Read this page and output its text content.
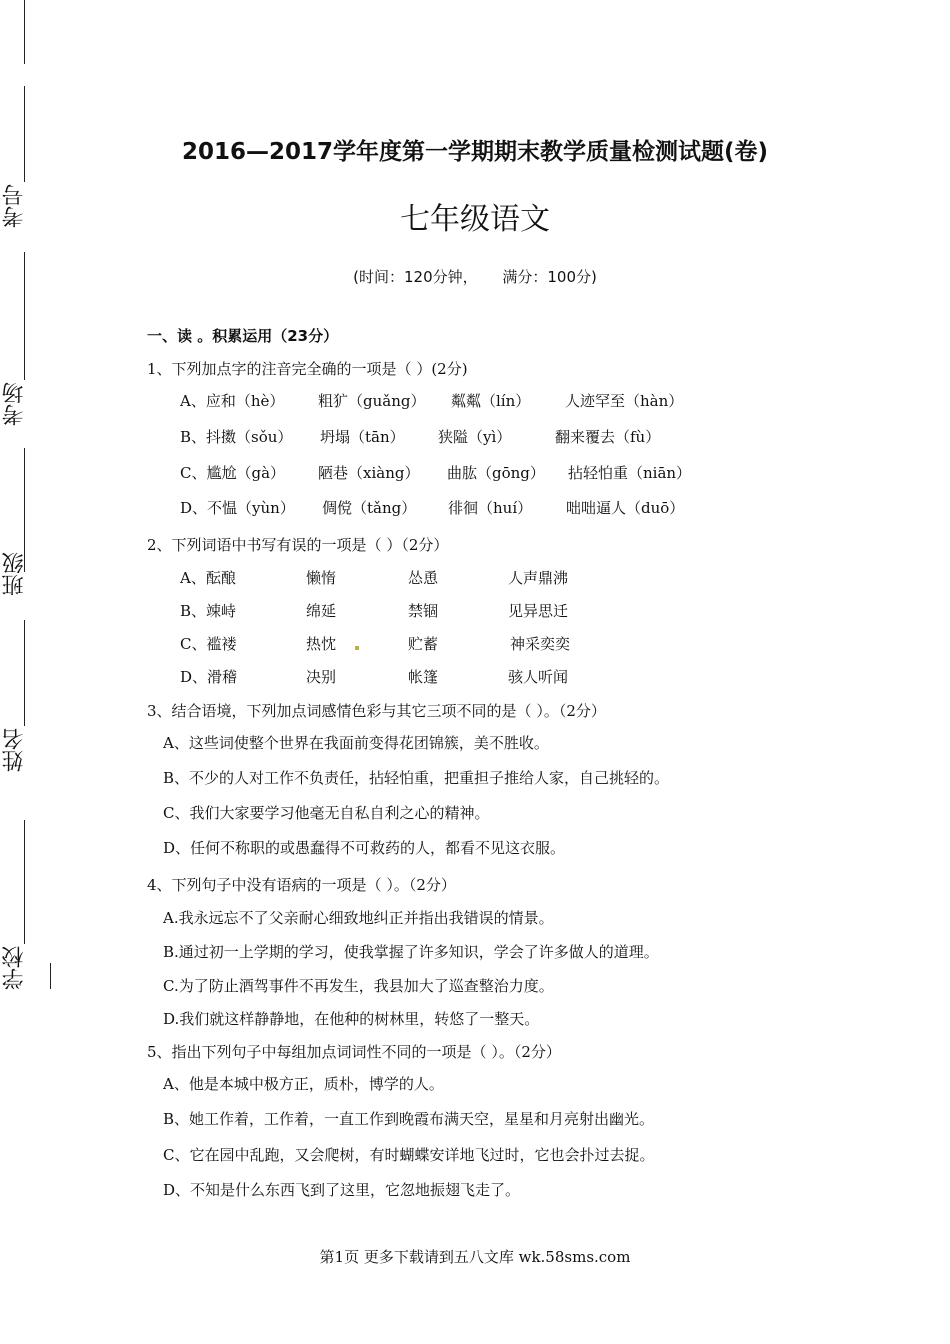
考号
考场
班级
姓名
学校
2016—2017学年度第一学期期末教学质量检测试题(卷)
七年级语文
(时间：120分钟， 满分：100分)
一、读 。积累运用（23分）
1、下列加点字的注音完全确的一项是（ ）(2分)
A、应和（hè） 粗犷（guǎng） 粼粼（lín） 人迹罕至（hàn）
B、抖擞（sǒu） 坍塌（tān） 狭隘（yì）	翻来覆去（fù）
C、尴尬（gà） 陋巷（xiàng） 曲肱（gōng） 拈轻怕重（niān）
D、不愠（yùn） 倜傥（tǎng） 徘徊（huí） 咄咄逼人（duō）
2、下列词语中书写有误的一项是（ ）（2分）
A、酝酿	懒惰	怂恿	人声鼎沸
B、竦峙	绵延	禁锢	见异思迁
C、褴褛	热忱	贮蓄	神采奕奕
D、滑稽	决别	帐篷	骇人听闻
3、结合语境，下列加点词感情色彩与其它三项不同的是（ ）。（2分）
A、这些词使整个世界在我面前变得花团锦簇，美不胜收。
B、不少的人对工作不负责任，拈轻怕重，把重担子推给人家，自己挑轻的。
C、我们大家要学习他毫无自私自利之心的精神。
D、任何不称职的或愚蠢得不可救药的人，都看不见这衣服。
4、下列句子中没有语病的一项是（ ）。（2分）
A.我永远忘不了父亲耐心细致地纠正并指出我错误的情景。
B.通过初一上学期的学习，使我掌握了许多知识，学会了许多做人的道理。
C.为了防止酒驾事件不再发生，我县加大了巡查整治力度。
D.我们就这样静静地，在他种的树林里，转悠了一整天。
5、指出下列句子中每组加点词词性不同的一项是（ ）。（2分）
A、他是本城中极方正，质朴，博学的人。
B、她工作着，工作着，一直工作到晚霞布满天空，星星和月亮射出幽光。
C、它在园中乱跑，又会爬树，有时蝴蝶安详地飞过时，它也会扑过去捉。
D、不知是什么东西飞到了这里，它忽地振翅飞走了。
第1页 更多下载请到五八文库 wk.58sms.com
